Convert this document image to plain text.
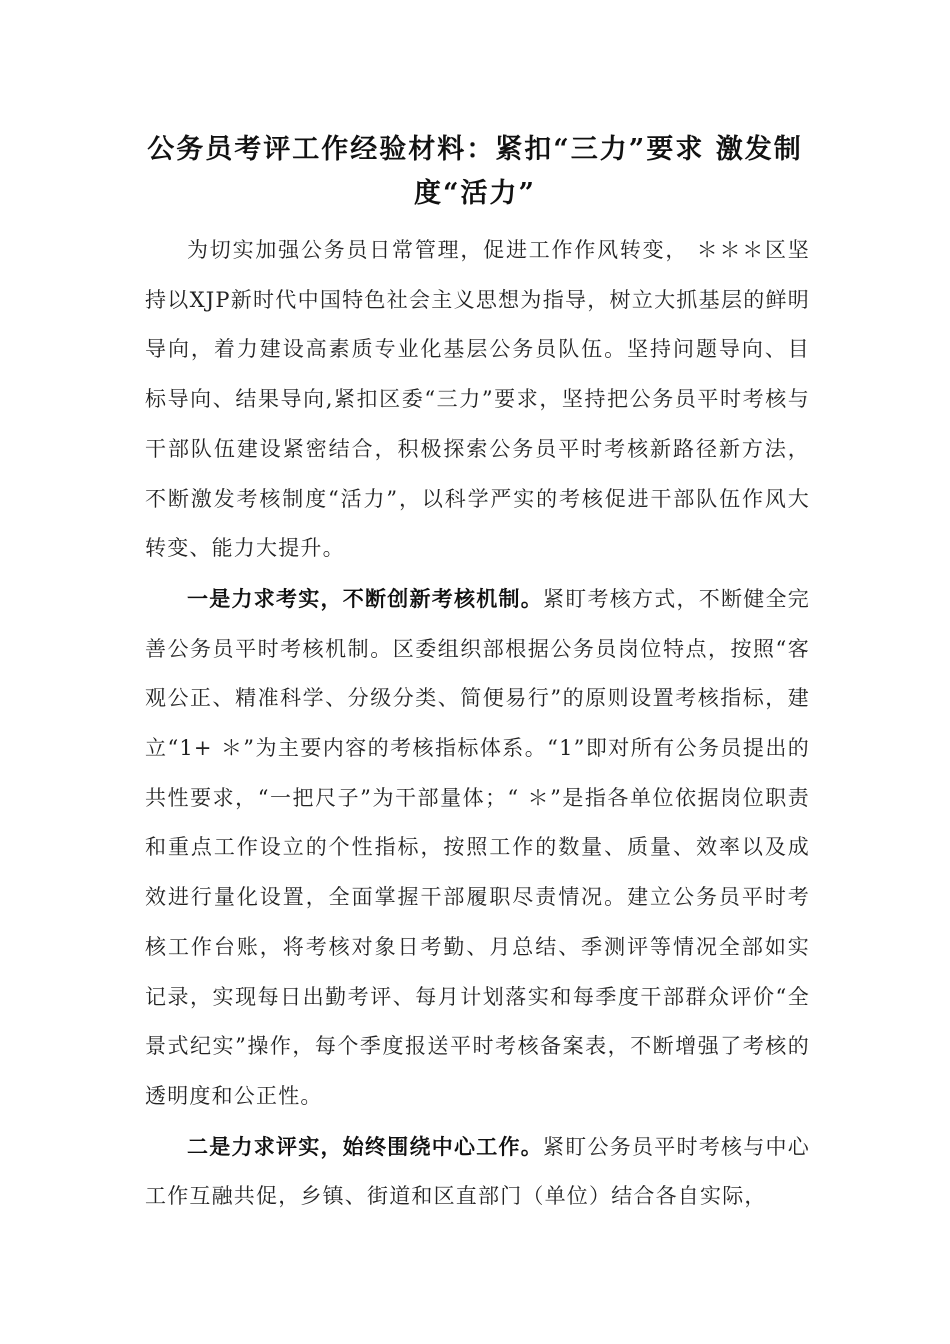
公务员考评工作经验材料：紧扣“三力”要求 激发制度“活力”

为切实加强公务员日常管理，促进工作作风转变， ＊＊＊区坚持以XJP新时代中国特色社会主义思想为指导，树立大抓基层的鲜明导向，着力建设高素质专业化基层公务员队伍。坚持问题导向、目标导向、结果导向,紧扣区委“三力”要求，坚持把公务员平时考核与干部队伍建设紧密结合，积极探索公务员平时考核新路径新方法，不断激发考核制度“活力”，以科学严实的考核促进干部队伍作风大转变、能力大提升。

一是力求考实，不断创新考核机制。紧盯考核方式，不断健全完善公务员平时考核机制。区委组织部根据公务员岗位特点，按照“客观公正、精准科学、分级分类、简便易行”的原则设置考核指标，建立“1+ ＊”为主要内容的考核指标体系。“1”即对所有公务员提出的共性要求，“一把尺子”为干部量体；“ ＊”是指各单位依据岗位职责和重点工作设立的个性指标，按照工作的数量、质量、效率以及成效进行量化设置，全面掌握干部履职尽责情况。建立公务员平时考核工作台账，将考核对象日考勤、月总结、季测评等情况全部如实记录，实现每日出勤考评、每月计划落实和每季度干部群众评价“全景式纪实”操作，每个季度报送平时考核备案表，不断增强了考核的透明度和公正性。

二是力求评实，始终围绕中心工作。紧盯公务员平时考核与中心工作互融共促，乡镇、街道和区直部门（单位）结合各自实际，
